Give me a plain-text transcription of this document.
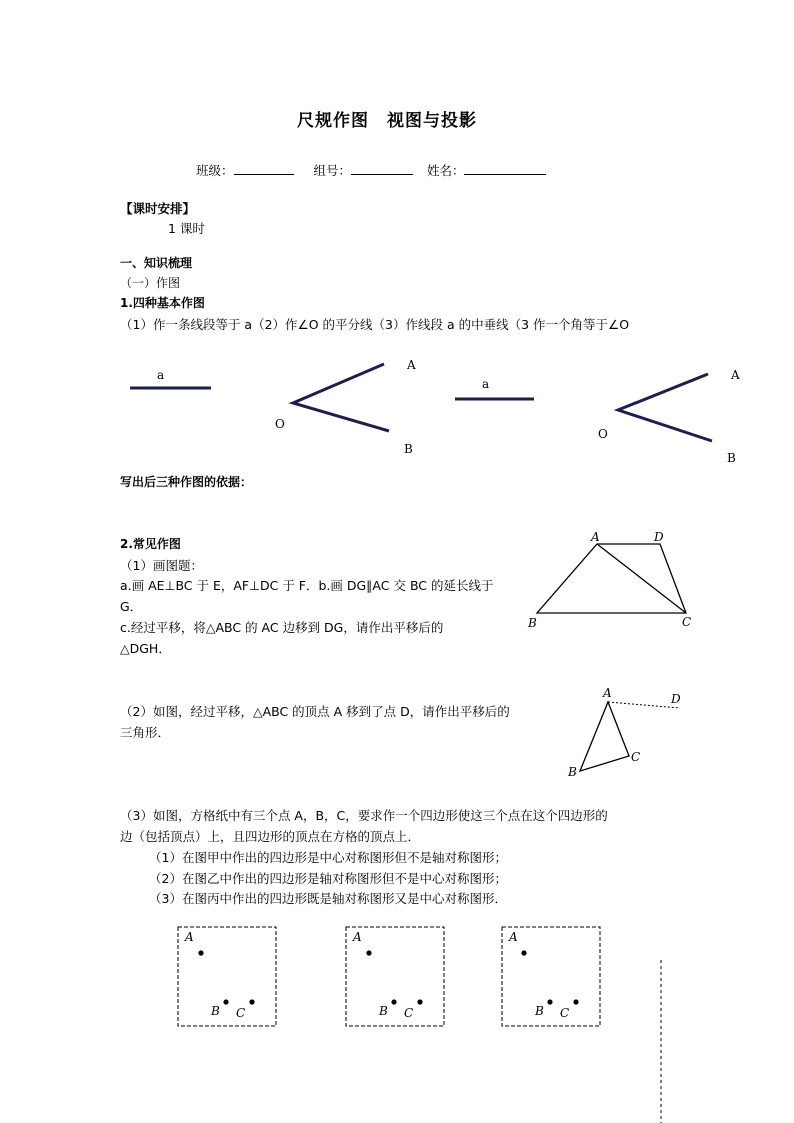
尺规作图　视图与投影
班级：	组号：	姓名：
【课时安排】
1 课时
一、知识梳理
（一）作图
1.四种基本作图
（1）作一条线段等于 a（2）作∠O 的平分线（3）作线段 a 的中垂线（3 作一个角等于∠O
a
A
B
O
a
A
B
O
A	D
B	C
A	D
B
C
A
B C
A
B C
A
B C
写出后三种作图的依据：
2.常见作图
（1）画图题：
a.画 AE⊥BC 于 E，AF⊥DC 于 F．b.画 DG∥AC 交 BC 的延长线于
G．
c.经过平移，将△ABC 的 AC 边移到 DG，请作出平移后的
△DGH．
（2）如图，经过平移，△ABC 的顶点 A 移到了点 D，请作出平移后的
三角形．
（3）如图，方格纸中有三个点 A，B，C，要求作一个四边形使这三个点在这个四边形的
边（包括顶点）上，且四边形的顶点在方格的顶点上．
（1）在图甲中作出的四边形是中心对称图形但不是轴对称图形；
（2）在图乙中作出的四边形是轴对称图形但不是中心对称图形；
（3）在图丙中作出的四边形既是轴对称图形又是中心对称图形．
